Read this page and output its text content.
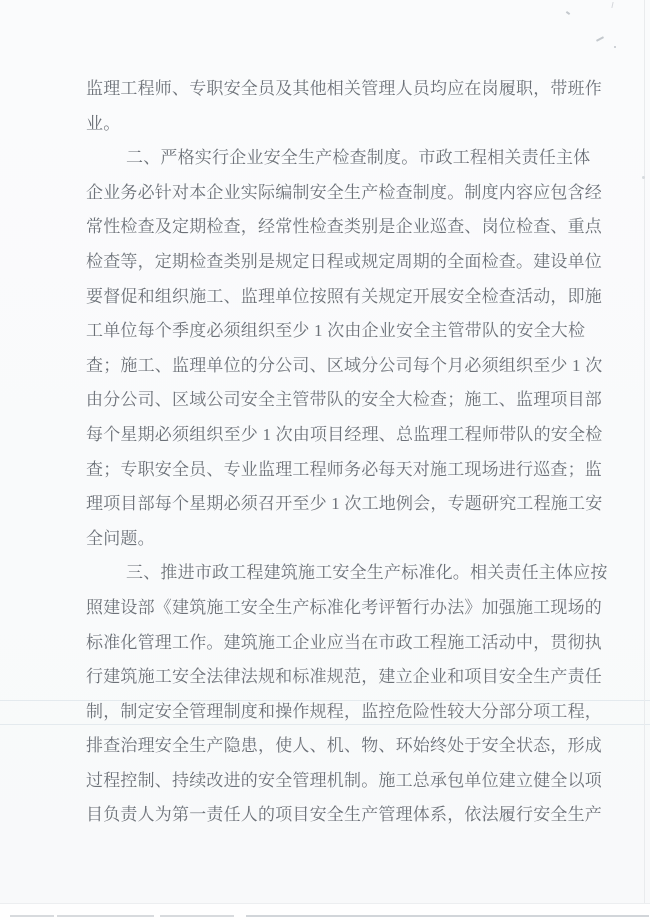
监理工程师、专职安全员及其他相关管理人员均应在岗履职，带班作
业。
二、严格实行企业安全生产检查制度。市政工程相关责任主体
企业务必针对本企业实际编制安全生产检查制度。制度内容应包含经
常性检查及定期检查，经常性检查类别是企业巡查、岗位检查、重点
检查等，定期检查类别是规定日程或规定周期的全面检查。建设单位
要督促和组织施工、监理单位按照有关规定开展安全检查活动，即施
工单位每个季度必须组织至少 1 次由企业安全主管带队的安全大检
查；施工、监理单位的分公司、区域分公司每个月必须组织至少 1 次
由分公司、区域公司安全主管带队的安全大检查；施工、监理项目部
每个星期必须组织至少 1 次由项目经理、总监理工程师带队的安全检
查；专职安全员、专业监理工程师务必每天对施工现场进行巡查；监
理项目部每个星期必须召开至少 1 次工地例会，专题研究工程施工安
全问题。
三、推进市政工程建筑施工安全生产标准化。相关责任主体应按
照建设部《建筑施工安全生产标准化考评暂行办法》加强施工现场的
标准化管理工作。建筑施工企业应当在市政工程施工活动中，贯彻执
行建筑施工安全法律法规和标准规范，建立企业和项目安全生产责任
制，制定安全管理制度和操作规程，监控危险性较大分部分项工程，
排查治理安全生产隐患，使人、机、物、环始终处于安全状态，形成
过程控制、持续改进的安全管理机制。施工总承包单位建立健全以项
目负责人为第一责任人的项目安全生产管理体系，依法履行安全生产
